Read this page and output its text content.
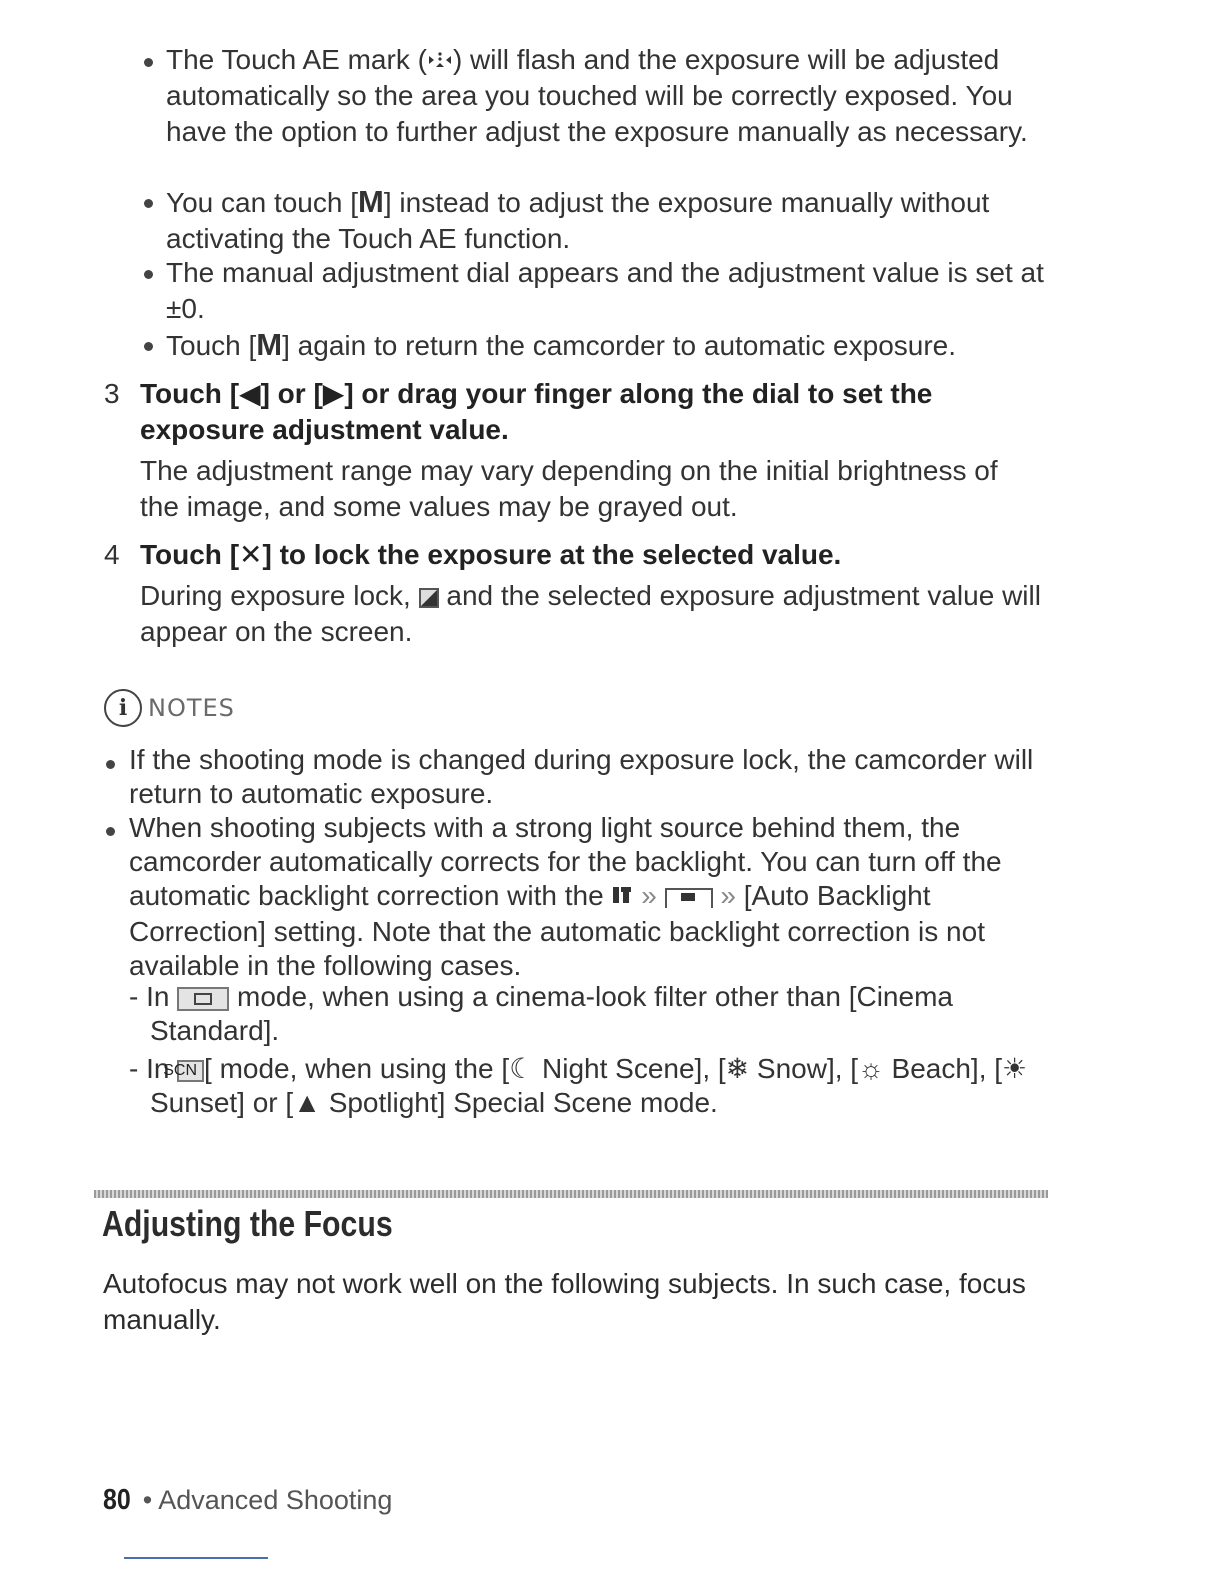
The Touch AE mark ( ) will flash and the exposure will be adjusted automatically so the area you touched will be correctly exposed. You have the option to further adjust the exposure manually as necessary.
You can touch [M] instead to adjust the exposure manually without activating the Touch AE function.
The manual adjustment dial appears and the adjustment value is set at ±0.
Touch [M] again to return the camcorder to automatic exposure.
3 Touch [◀] or [▶] or drag your finger along the dial to set the exposure adjustment value.
The adjustment range may vary depending on the initial brightness of the image, and some values may be grayed out.
4 Touch [✕] to lock the exposure at the selected value.
During exposure lock, and the selected exposure adjustment value will appear on the screen.
i NOTES
If the shooting mode is changed during exposure lock, the camcorder will return to automatic exposure.
When shooting subjects with a strong light source behind them, the camcorder automatically corrects for the backlight. You can turn off the automatic backlight correction with the » » [Auto Backlight Correction] setting. Note that the automatic backlight correction is not available in the following cases.
- In mode, when using a cinema-look filter other than [Cinema Standard].
- In SCN [ mode, when using the [☾ Night Scene], [❄ Snow], [☼ Beach], [☀ Sunset] or [▲ Spotlight] Special Scene mode.
Adjusting the Focus
Autofocus may not work well on the following subjects. In such case, focus manually.
80 • Advanced Shooting
